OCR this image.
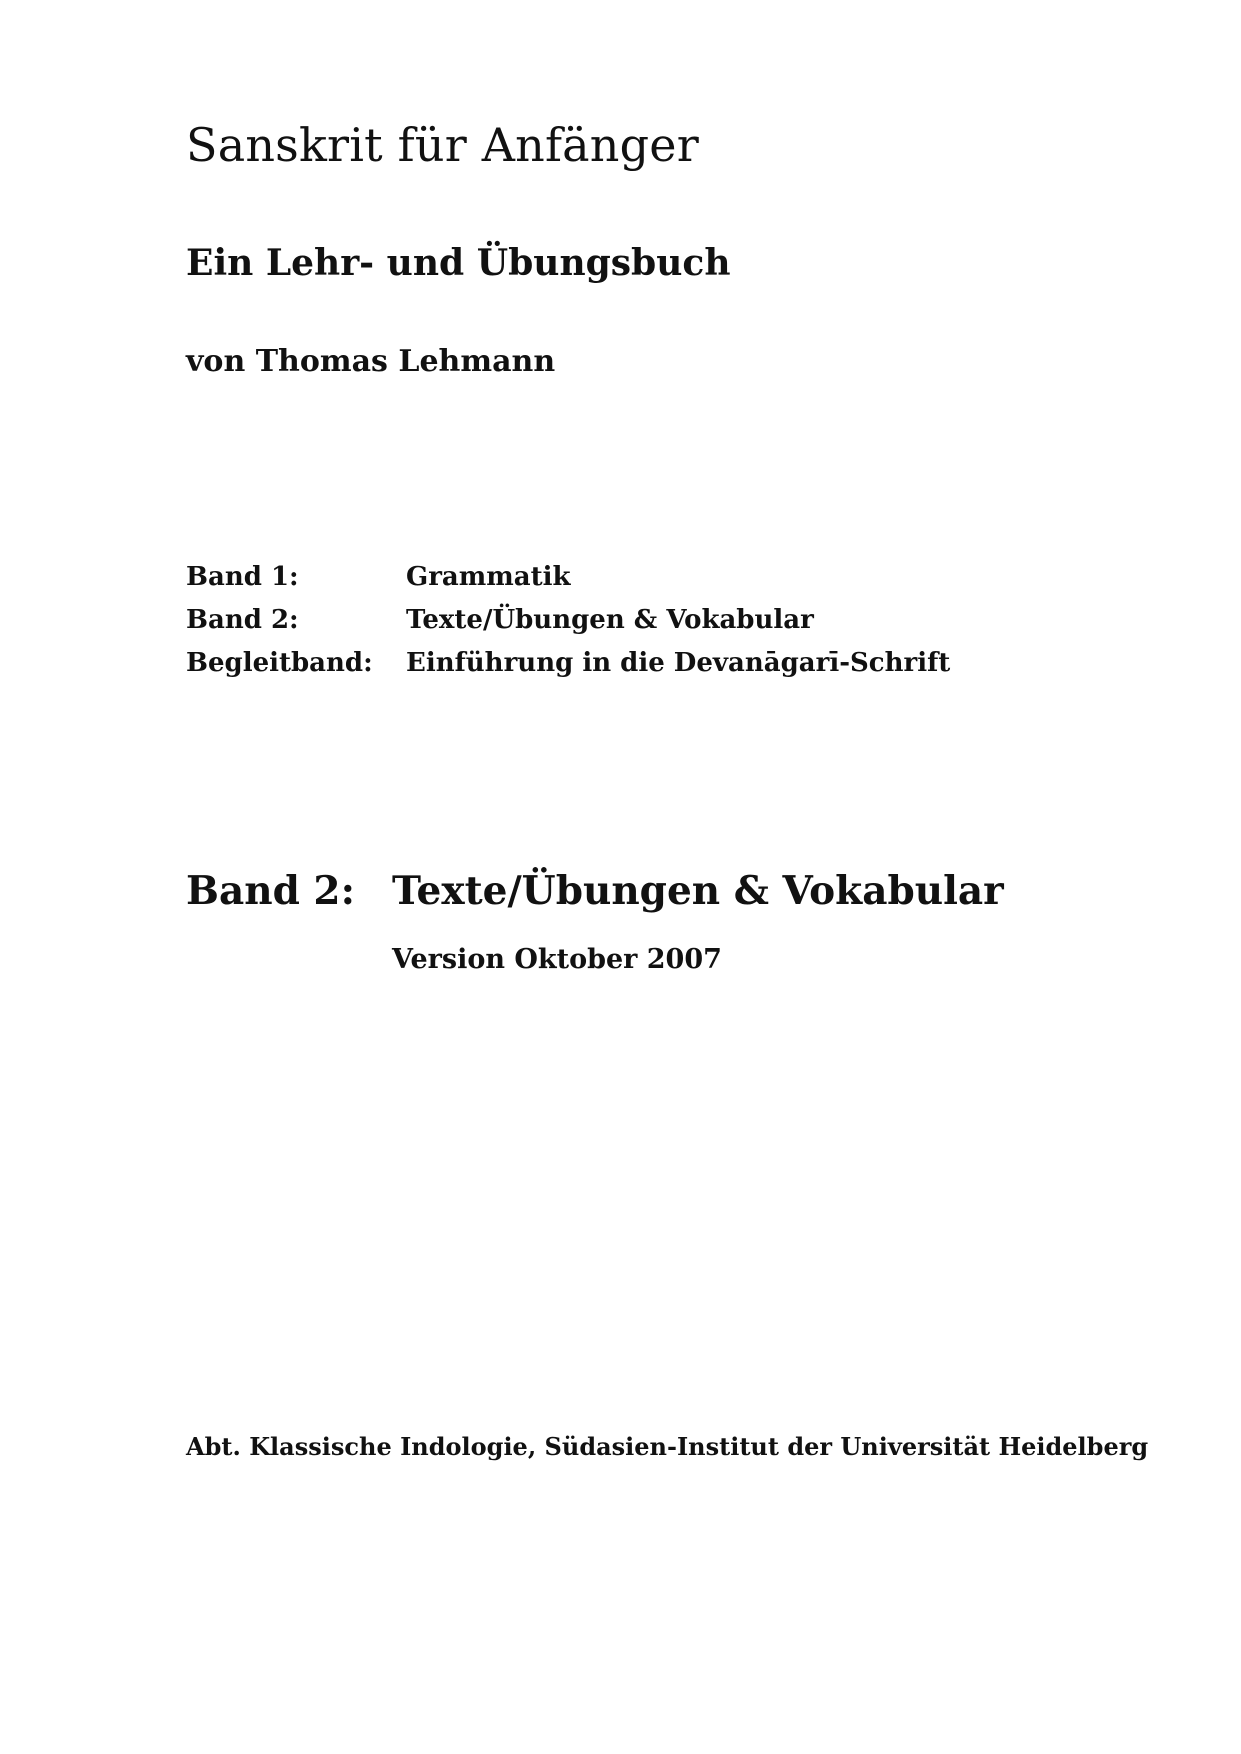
Sanskrit für Anfänger
Ein Lehr- und Übungsbuch

von Thomas Lehmann

Band 1:	Grammatik
Band 2:	Texte/Übungen & Vokabular
Begleitband: Einführung in die Devanāgarī-Schrift
Band 2: Texte/Übungen & Vokabular

Version Oktober 2007

Abt. Klassische Indologie, Südasien-Institut der Universität Heidelberg
